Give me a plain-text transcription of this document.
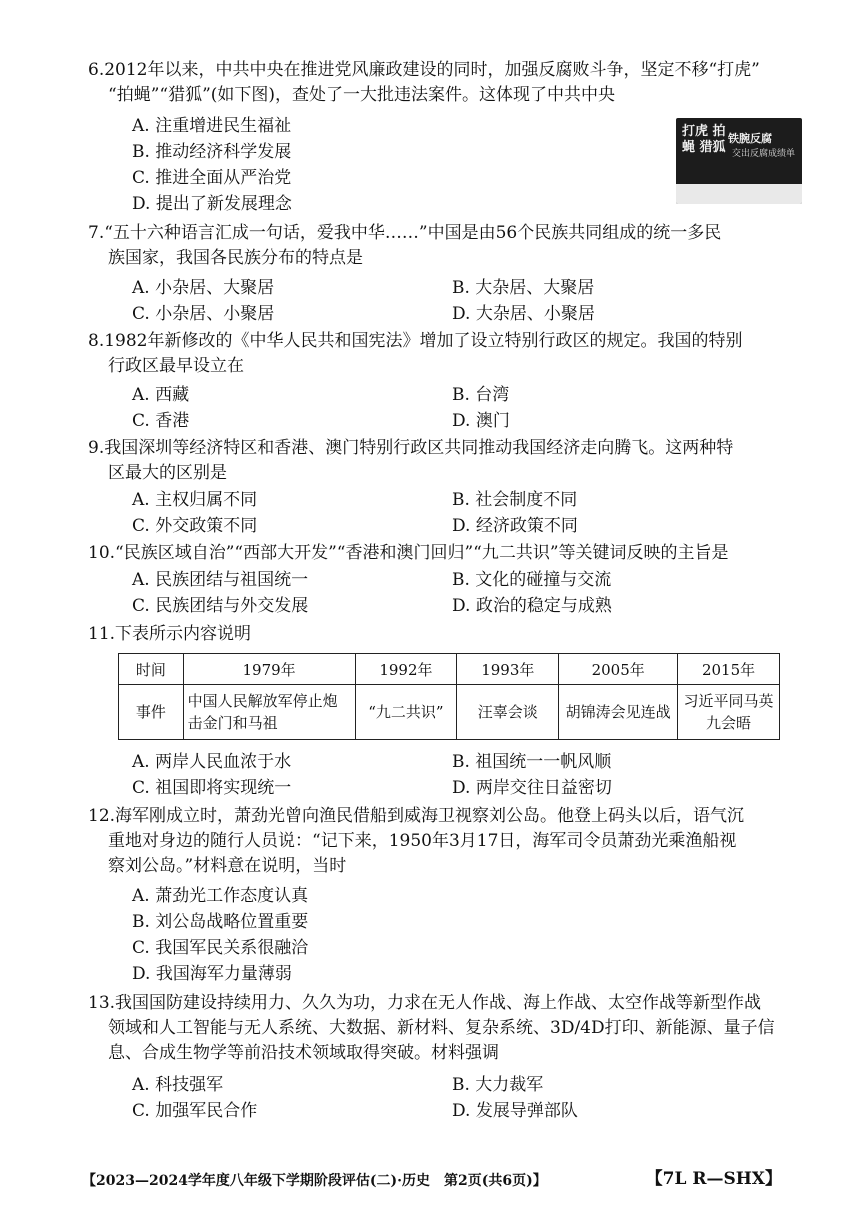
6.2012年以来，中共中央在推进党风廉政建设的同时，加强反腐败斗争，坚定不移“打虎”

“拍蝇”“猎狐”(如下图)，查处了一大批违法案件。这体现了中共中央

A. 注重增进民生福祉
B. 推动经济科学发展
C. 推进全面从严治党
D. 提出了新发展理念
打虎 拍蝇 猎狐
铁腕反腐
交出反腐成绩单

7.“五十六种语言汇成一句话，爱我中华……”中国是由56个民族共同组成的统一多民

族国家，我国各民族分布的特点是

A. 小杂居、大聚居	B. 大杂居、大聚居
C. 小杂居、小聚居	D. 大杂居、小聚居

8.1982年新修改的《中华人民共和国宪法》增加了设立特别行政区的规定。我国的特别

行政区最早设立在

A. 西藏	B. 台湾
C. 香港	D. 澳门

9.我国深圳等经济特区和香港、澳门特别行政区共同推动我国经济走向腾飞。这两种特

区最大的区别是

A. 主权归属不同	B. 社会制度不同
C. 外交政策不同	D. 经济政策不同

10.“民族区域自治”“西部大开发”“香港和澳门回归”“九二共识”等关键词反映的主旨是

A. 民族团结与祖国统一	B. 文化的碰撞与交流
C. 民族团结与外交发展	D. 政治的稳定与成熟

11.下表所示内容说明

时间	1979年	1992年	1993年	2005年	2015年
事件	中国人民解放军停止炮击金门和马祖	“九二共识”	汪辜会谈	胡锦涛会见连战	习近平同马英九会晤
A. 两岸人民血浓于水	B. 祖国统一一帆风顺
C. 祖国即将实现统一	D. 两岸交往日益密切

12.海军刚成立时，萧劲光曾向渔民借船到威海卫视察刘公岛。他登上码头以后，语气沉

重地对身边的随行人员说：“记下来，1950年3月17日，海军司令员萧劲光乘渔船视

察刘公岛。”材料意在说明，当时

A. 萧劲光工作态度认真
B. 刘公岛战略位置重要
C. 我国军民关系很融洽
D. 我国海军力量薄弱

13.我国国防建设持续用力、久久为功，力求在无人作战、海上作战、太空作战等新型作战

领域和人工智能与无人系统、大数据、新材料、复杂系统、3D/4D打印、新能源、量子信

息、合成生物学等前沿技术领域取得突破。材料强调

A. 科技强军	B. 大力裁军
C. 加强军民合作	D. 发展导弹部队
【2023—2024学年度八年级下学期阶段评估(二)·历史　第2页(共6页)】	【7L R—SHX】
